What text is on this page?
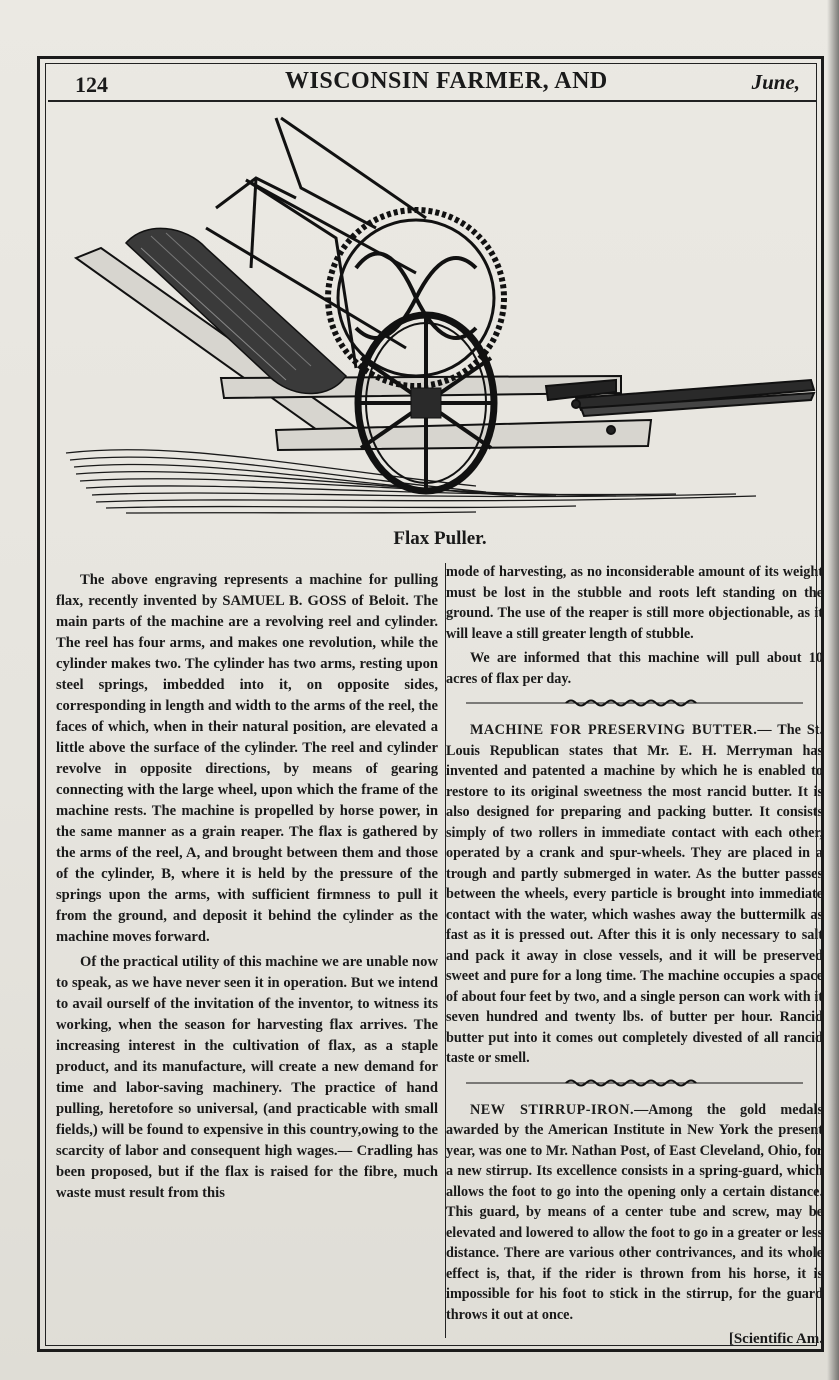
124	WISCONSIN FARMER, AND	June,
Flax Puller.

The above engraving represents a machine for pulling flax, recently invented by SAMUEL B. GOSS of Beloit. The main parts of the machine are a revolving reel and cylinder. The reel has four arms, and makes one revolution, while the cylinder makes two. The cylinder has two arms, resting upon steel springs, imbedded into it, on opposite sides, corresponding in length and width to the arms of the reel, the faces of which, when in their natural position, are elevated a little above the surface of the cylinder. The reel and cylinder revolve in opposite directions, by means of gearing connecting with the large wheel, upon which the frame of the machine rests. The machine is propelled by horse power, in the same manner as a grain reaper. The flax is gathered by the arms of the reel, A, and brought between them and those of the cylinder, B, where it is held by the pressure of the springs upon the arms, with sufficient firmness to pull it from the ground, and deposit it behind the cylinder as the machine moves forward.

Of the practical utility of this machine we are unable now to speak, as we have never seen it in operation. But we intend to avail ourself of the invitation of the inventor, to witness its working, when the season for harvesting flax arrives. The increasing interest in the cultivation of flax, as a staple product, and its manufacture, will create a new demand for time and labor-saving machinery. The practice of hand pulling, heretofore so universal, (and practicable with small fields,) will be found to expensive in this country,owing to the scarcity of labor and consequent high wages.— Cradling has been proposed, but if the flax is raised for the fibre, much waste must result from this

mode of harvesting, as no inconsiderable amount of its weight must be lost in the stubble and roots left standing on the ground. The use of the reaper is still more objectionable, as it will leave a still greater length of stubble.

We are informed that this machine will pull about 10 acres of flax per day.

MACHINE FOR PRESERVING BUTTER.— The St. Louis Republican states that Mr. E. H. Merryman has invented and patented a machine by which he is enabled to restore to its original sweetness the most rancid butter. It is also designed for preparing and packing butter. It consists simply of two rollers in immediate contact with each other, operated by a crank and spur-wheels. They are placed in a trough and partly submerged in water. As the butter passes between the wheels, every particle is brought into immediate contact with the water, which washes away the buttermilk as fast as it is pressed out. After this it is only necessary to salt and pack it away in close vessels, and it will be preserved sweet and pure for a long time. The machine occupies a space of about four feet by two, and a single person can work with it seven hundred and twenty lbs. of butter per hour. Rancid butter put into it comes out completely divested of all rancid taste or smell.

NEW STIRRUP-IRON.—Among the gold medals awarded by the American Institute in New York the present year, was one to Mr. Nathan Post, of East Cleveland, Ohio, for a new stirrup. Its excellence consists in a spring-guard, which allows the foot to go into the opening only a certain distance. This guard, by means of a center tube and screw, may be elevated and lowered to allow the foot to go in a greater or less distance. There are various other contrivances, and its whole effect is, that, if the rider is thrown from his horse, it is impossible for his foot to stick in the stirrup, for the guard throws it out at once.

[Scientific Am.
